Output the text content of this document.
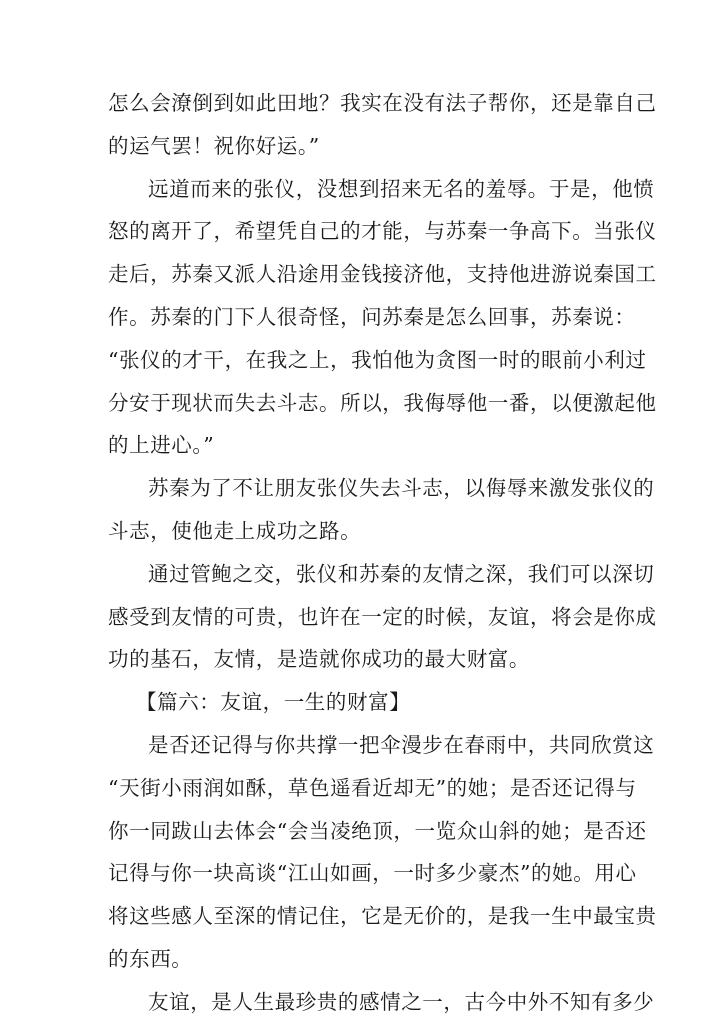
怎么会潦倒到如此田地？我实在没有法子帮你，还是靠自己
的运气罢！祝你好运。”
远道而来的张仪，没想到招来无名的羞辱。于是，他愤
怒的离开了，希望凭自己的才能，与苏秦一争高下。当张仪
走后，苏秦又派人沿途用金钱接济他，支持他进游说秦国工
作。苏秦的门下人很奇怪，问苏秦是怎么回事，苏秦说：
“张仪的才干，在我之上，我怕他为贪图一时的眼前小利过
分安于现状而失去斗志。所以，我侮辱他一番，以便激起他
的上进心。”
苏秦为了不让朋友张仪失去斗志，以侮辱来激发张仪的
斗志，使他走上成功之路。
通过管鲍之交，张仪和苏秦的友情之深，我们可以深切
感受到友情的可贵，也许在一定的时候，友谊，将会是你成
功的基石，友情，是造就你成功的最大财富。
【篇六：友谊，一生的财富】
是否还记得与你共撑一把伞漫步在春雨中，共同欣赏这
“天街小雨润如酥，草色遥看近却无”的她；是否还记得与
你一同跋山去体会“会当凌绝顶，一览众山斜的她；是否还
记得与你一块高谈“江山如画，一时多少豪杰”的她。用心
将这些感人至深的情记住，它是无价的，是我一生中最宝贵
的东西。
友谊，是人生最珍贵的感情之一，古今中外不知有多少
